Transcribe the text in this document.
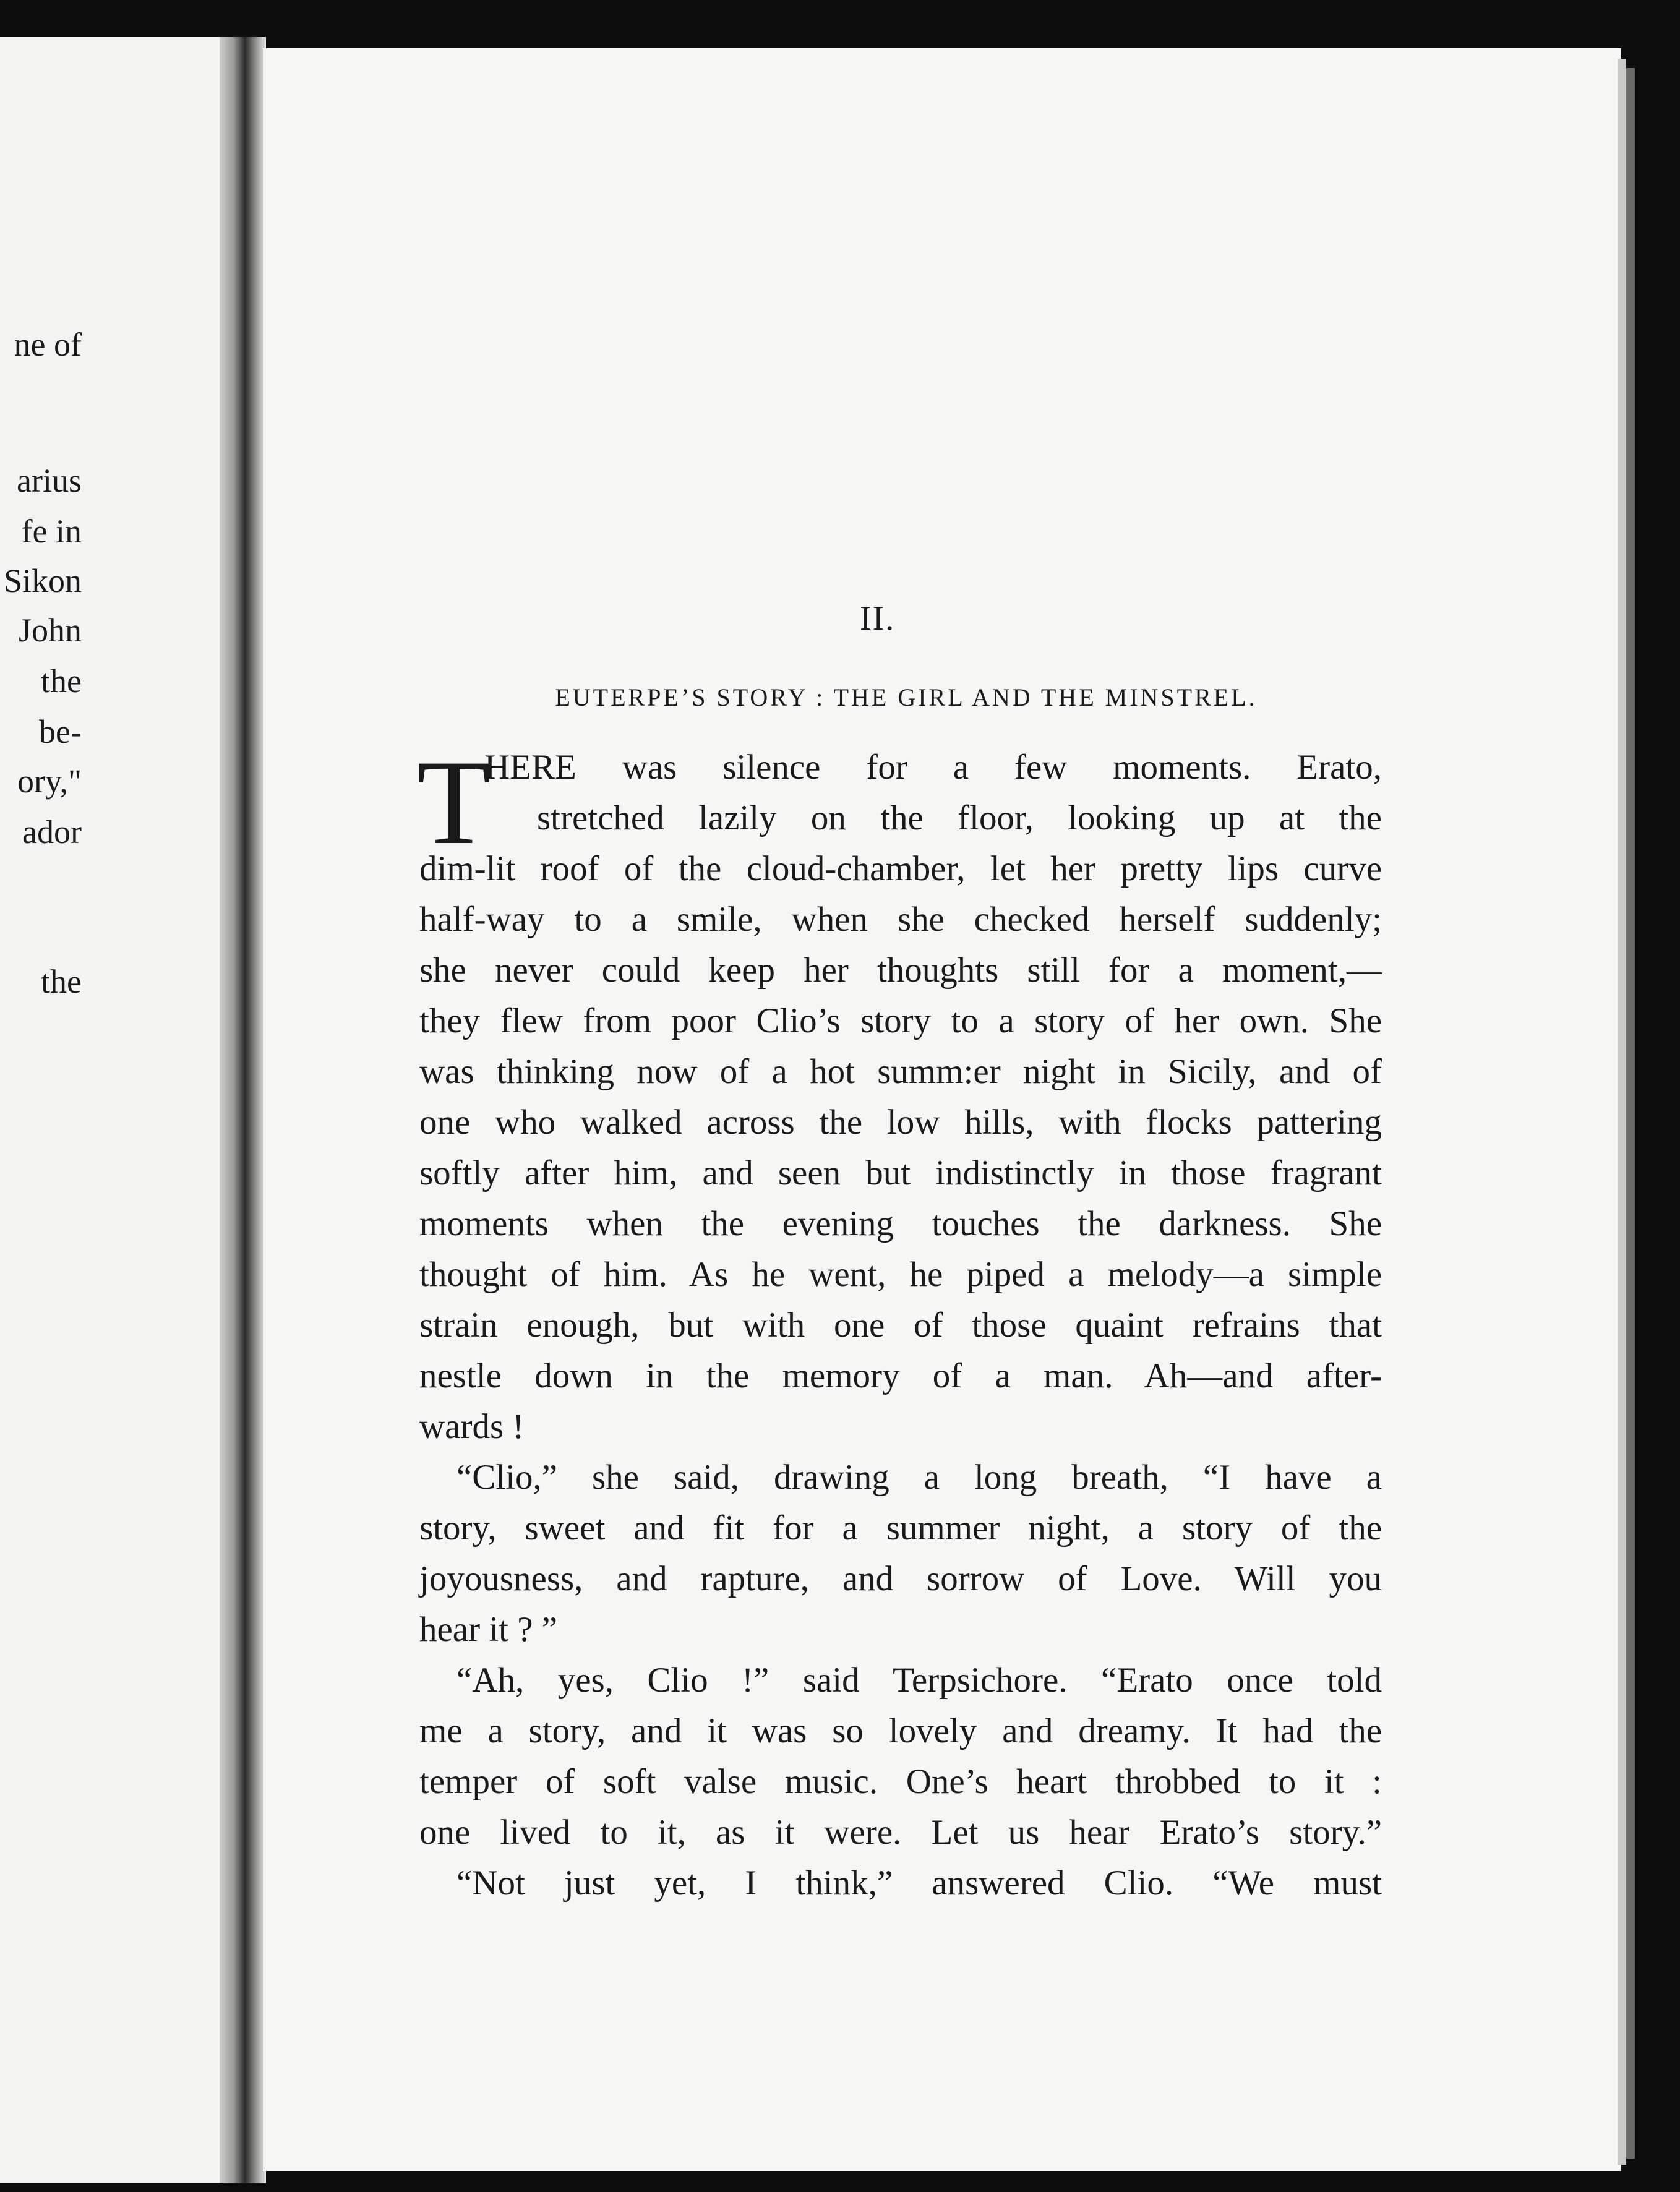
ne of
arius
fe in
Sikon
John
the
be-
ory,"
ador
the
II.
EUTERPE’S STORY : THE GIRL AND THE MINSTREL.
T
HERE was silence for a few moments. Erato,
stretched lazily on the floor, looking up at the
dim-lit roof of the cloud-chamber, let her pretty lips curve
half-way to a smile, when she checked herself suddenly;
she never could keep her thoughts still for a moment,—
they flew from poor Clio’s story to a story of her own. She
was thinking now of a hot summ:er night in Sicily, and of
one who walked across the low hills, with flocks pattering
softly after him, and seen but indistinctly in those fragrant
moments when the evening touches the darkness. She
thought of him. As he went, he piped a melody—a simple
strain enough, but with one of those quaint refrains that
nestle down in the memory of a man. Ah—and after-
wards !
“Clio,” she said, drawing a long breath, “I have a
story, sweet and fit for a summer night, a story of the
joyousness, and rapture, and sorrow of Love. Will you
hear it ? ”
“Ah, yes, Clio !” said Terpsichore. “Erato once told
me a story, and it was so lovely and dreamy. It had the
temper of soft valse music. One’s heart throbbed to it :
one lived to it, as it were. Let us hear Erato’s story.”
“Not just yet, I think,” answered Clio. “We must
